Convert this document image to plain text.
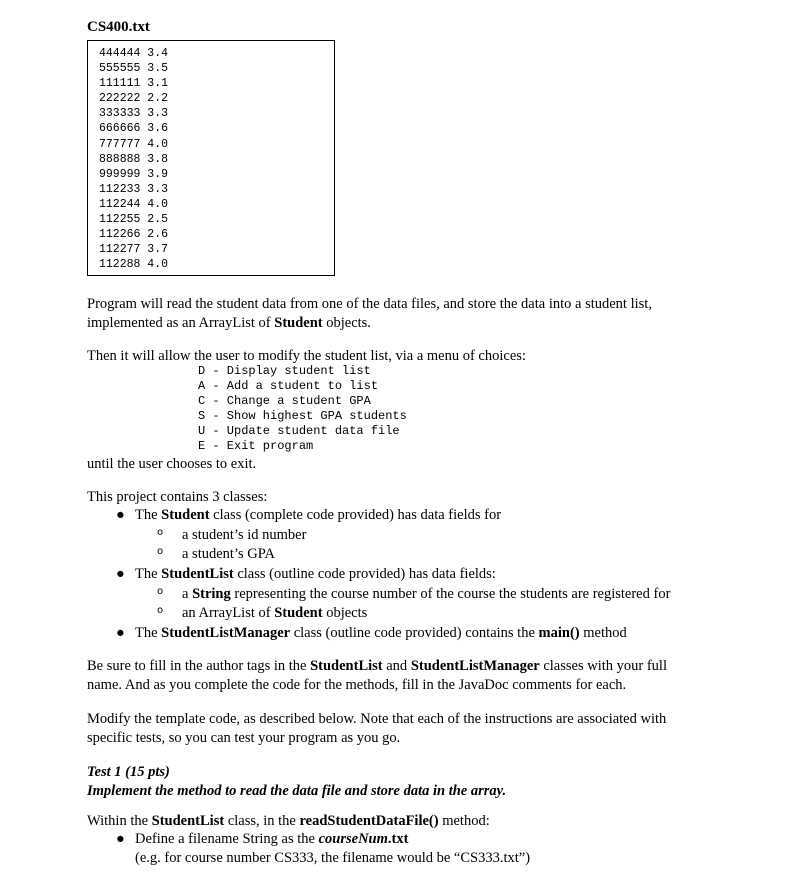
CS400.txt
444444 3.4
555555 3.5
111111 3.1
222222 2.2
333333 3.3
666666 3.6
777777 4.0
888888 3.8
999999 3.9
112233 3.3
112244 4.0
112255 2.5
112266 2.6
112277 3.7
112288 4.0
Program will read the student data from one of the data files, and store the data into a student list,
implemented as an ArrayList of Student objects.
Then it will allow the user to modify the student list, via a menu of choices:
D - Display student list
A - Add a student to list
C - Change a student GPA
S - Show highest GPA students
U - Update student data file
E - Exit program
until the user chooses to exit.
This project contains 3 classes:
● The Student class (complete code provided) has data fields for
o a student’s id number
o a student’s GPA
● The StudentList class (outline code provided) has data fields:
o a String representing the course number of the course the students are registered for
o an ArrayList of Student objects
● The StudentListManager class (outline code provided) contains the main() method
Be sure to fill in the author tags in the StudentList and StudentListManager classes with your full
name. And as you complete the code for the methods, fill in the JavaDoc comments for each.
Modify the template code, as described below. Note that each of the instructions are associated with
specific tests, so you can test your program as you go.
Test 1 (15 pts)
Implement the method to read the data file and store data in the array.
Within the StudentList class, in the readStudentDataFile() method:
● Define a filename String as the courseNum.txt
(e.g. for course number CS333, the filename would be “CS333.txt”)
